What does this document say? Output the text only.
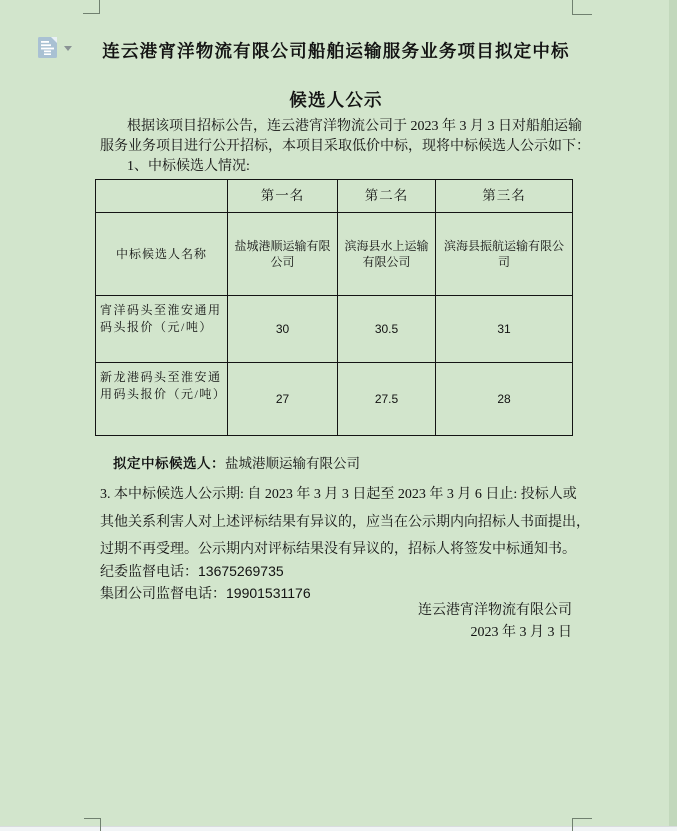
连云港宵洋物流有限公司船舶运输服务业务项目拟定中标
候选人公示
根据该项目招标公告，连云港宵洋物流公司于 2023 年 3 月 3 日对船舶运输
服务业务项目进行公开招标，本项目采取低价中标，现将中标候选人公示如下：
1、中标候选人情况:
	第一名	第二名	第三名
中标候选人名称	盐城港顺运输有限公司	滨海县水上运输有限公司	滨海县振航运输有限公司
宵洋码头至淮安通用码头报价（元/吨）	30	30.5	31
新龙港码头至淮安通用码头报价（元/吨）	27	27.5	28
拟定中标候选人：盐城港顺运输有限公司
3. 本中标候选人公示期: 自 2023 年 3 月 3 日起至 2023 年 3 月 6 日止: 投标人或
其他关系利害人对上述评标结果有异议的，应当在公示期内向招标人书面提出，
过期不再受理。公示期内对评标结果没有异议的，招标人将签发中标通知书。
纪委监督电话：13675269735
集团公司监督电话：19901531176
连云港宵洋物流有限公司
2023 年 3 月 3 日
